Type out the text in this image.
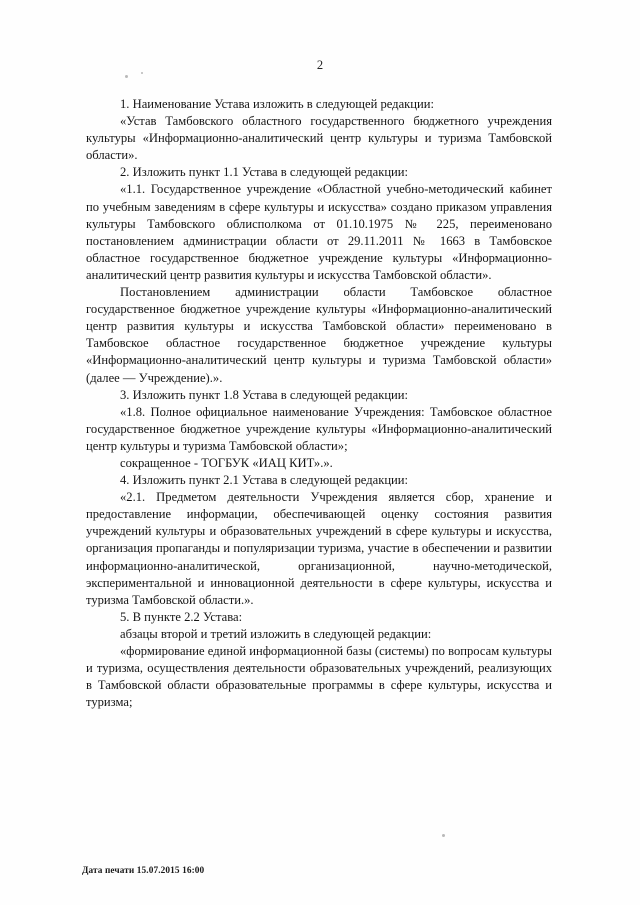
2

1. Наименование Устава изложить в следующей редакции:

«Устав Тамбовского областного государственного бюджетного учреждения культуры «Информационно-аналитический центр культуры и туризма Тамбовской области».

2. Изложить пункт 1.1 Устава в следующей редакции:

«1.1. Государственное учреждение «Областной учебно-методический кабинет по учебным заведениям в сфере культуры и искусства» создано приказом управления культуры Тамбовского облисполкома от 01.10.1975 № 225, переименовано постановлением администрации области от 29.11.2011 № 1663 в Тамбовское областное государственное бюджетное учреждение культуры «Информационно-аналитический центр развития культуры и искусства Тамбовской области».

Постановлением администрации области Тамбовское областное государственное бюджетное учреждение культуры «Информационно-аналитический центр развития культуры и искусства Тамбовской области» переименовано в Тамбовское областное государственное бюджетное учреждение культуры «Информационно-аналитический центр культуры и туризма Тамбовской области» (далее — Учреждение).».

3. Изложить пункт 1.8 Устава в следующей редакции:

«1.8. Полное официальное наименование Учреждения: Тамбовское областное государственное бюджетное учреждение культуры «Информационно-аналитический центр культуры и туризма Тамбовской области»;

сокращенное - ТОГБУК «ИАЦ КИТ».».

4. Изложить пункт 2.1 Устава в следующей редакции:

«2.1. Предметом деятельности Учреждения является сбор, хранение и предоставление информации, обеспечивающей оценку состояния развития учреждений культуры и образовательных учреждений в сфере культуры и искусства, организация пропаганды и популяризации туризма, участие в обеспечении и развитии информационно-аналитической, организационной, научно-методической, экспериментальной и инновационной деятельности в сфере культуры, искусства и туризма Тамбовской области.».

5. В пункте 2.2 Устава:

абзацы второй и третий изложить в следующей редакции:

«формирование единой информационной базы (системы) по вопросам культуры и туризма, осуществления деятельности образовательных учреждений, реализующих в Тамбовской области образовательные программы в сфере культуры, искусства и туризма;

Дата печати 15.07.2015 16:00
